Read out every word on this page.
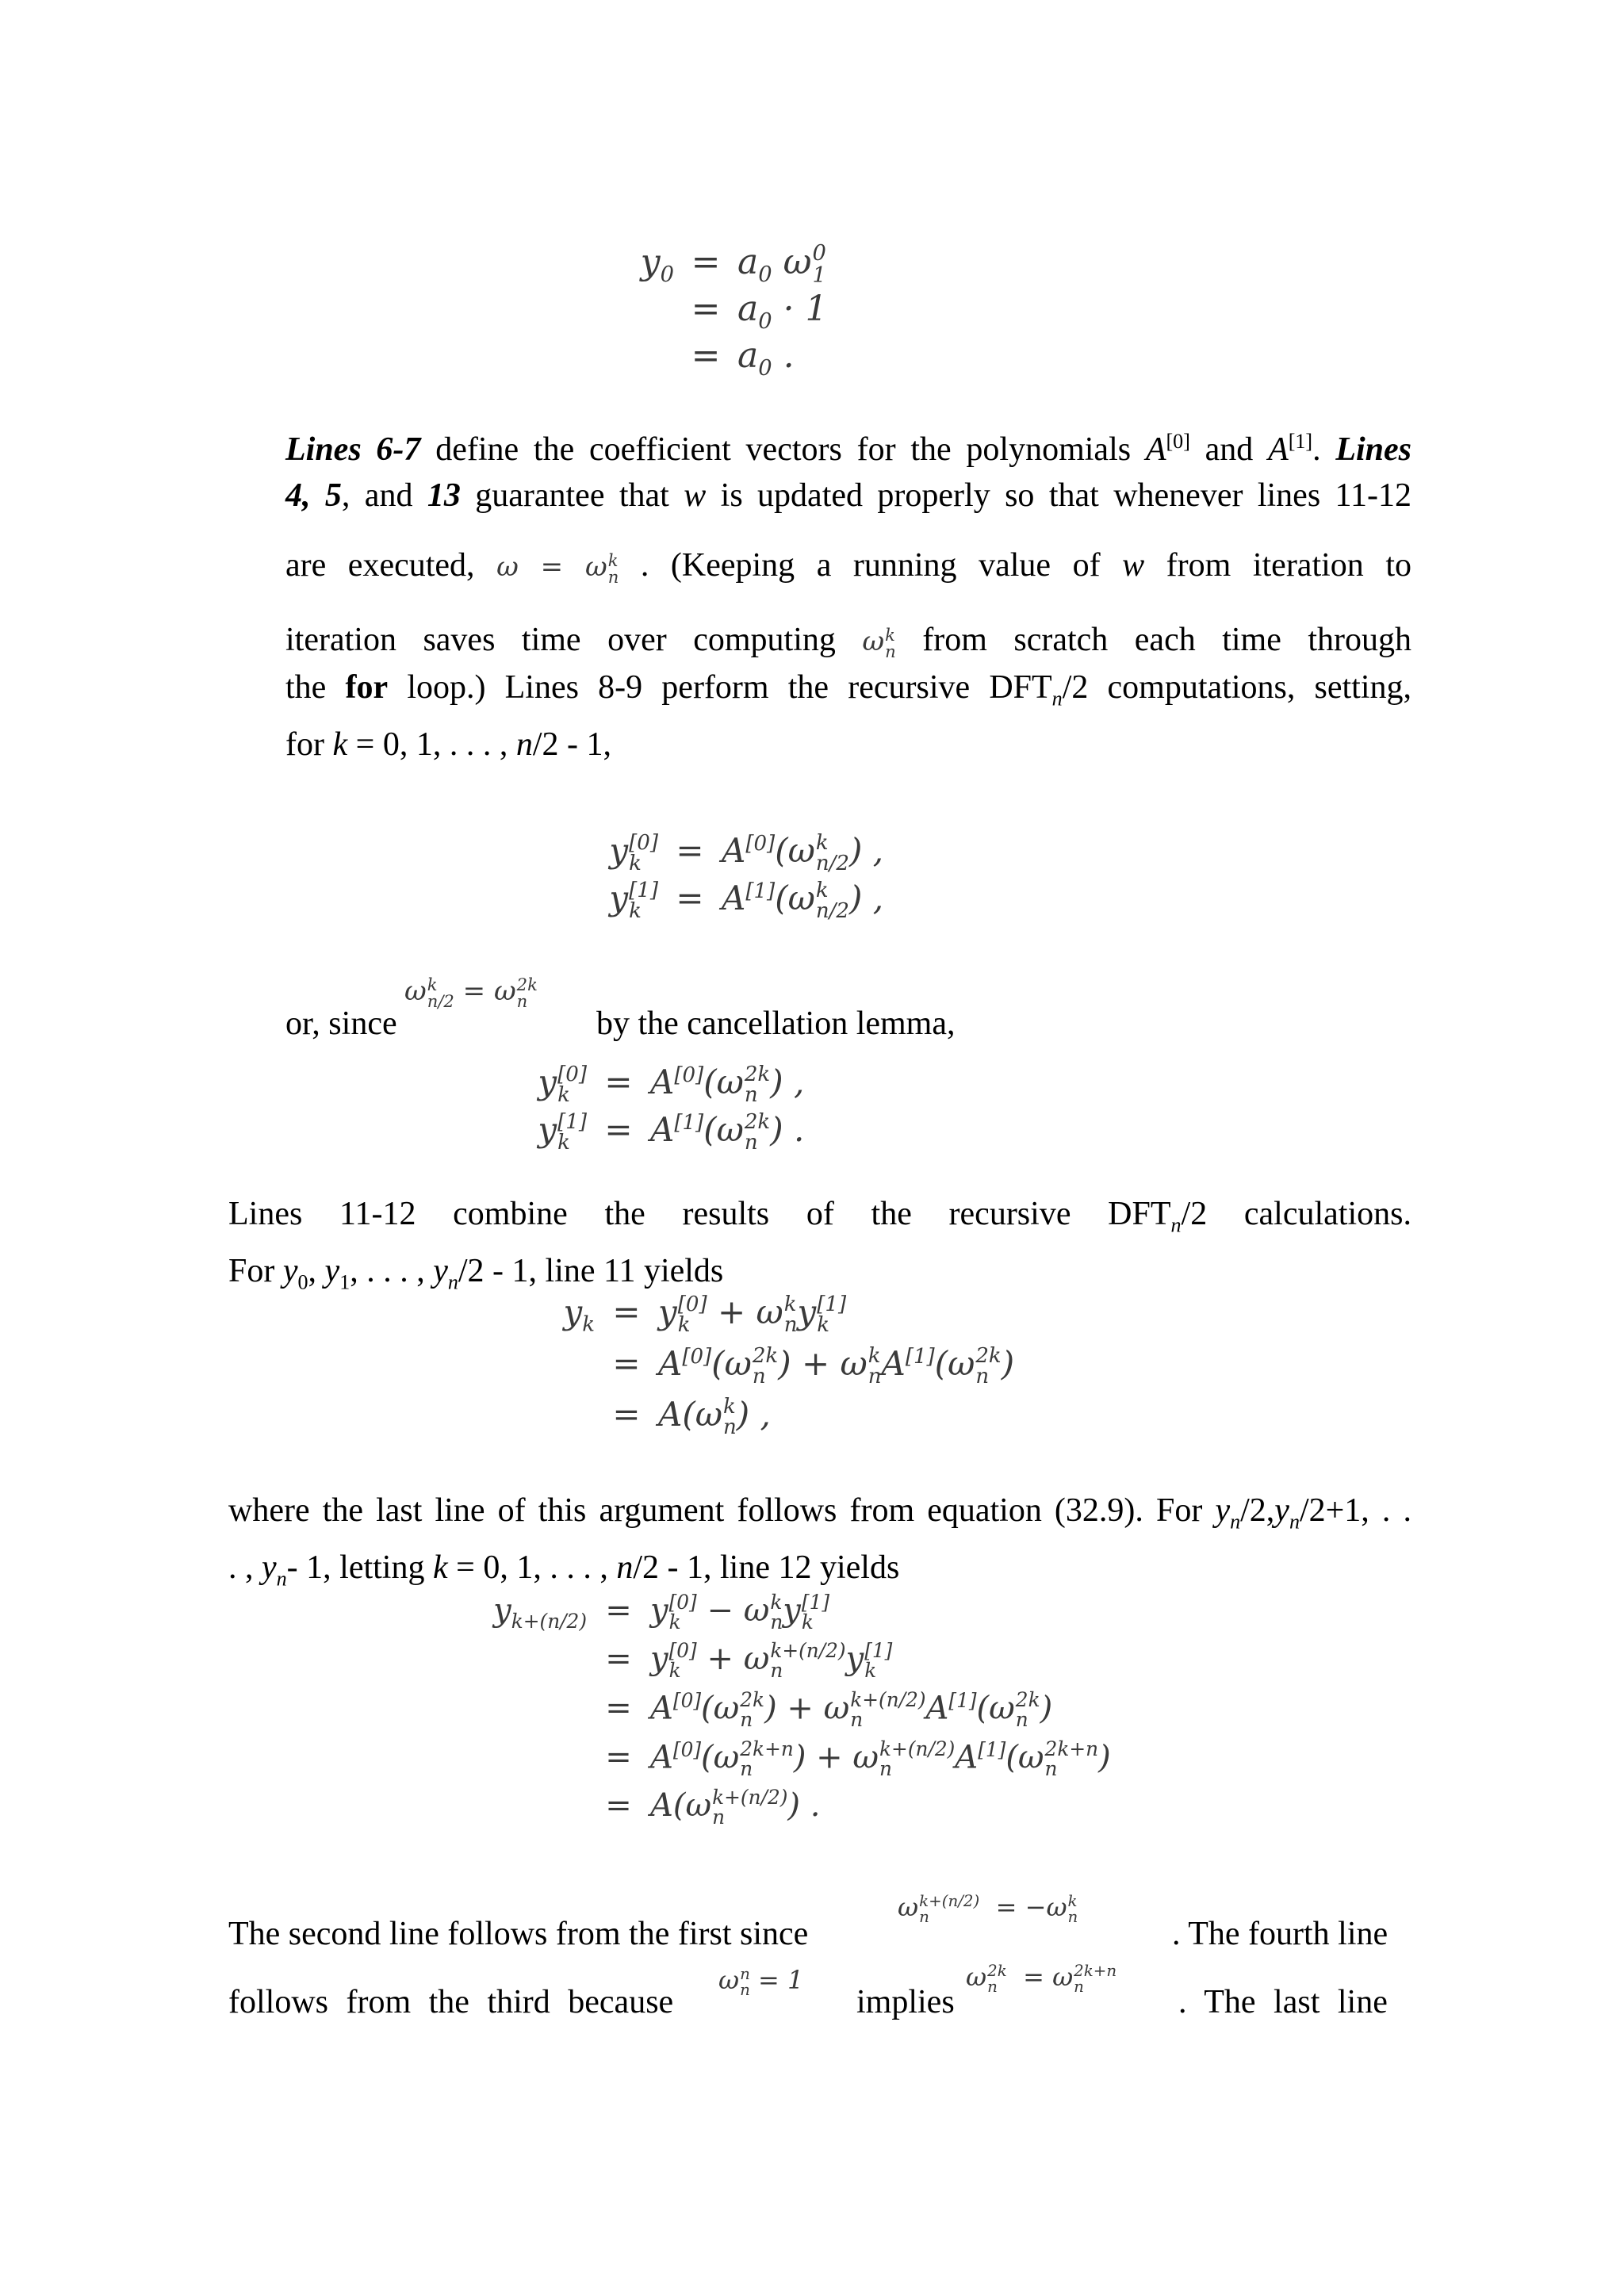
$y_0 = a_0$ ω 0
1
= $a_0 \cdot 1$
= $a_0$ .
Lines 6-7 define the coefficient vectors for the polynomials A[0] and A[1]. Lines
4, 5, and 13 guarantee that w is updated properly so that whenever lines 11-12
are executed, ω = ω k
n . (Keeping a running value of w from iteration to
iteration saves time over computing ω k
n from scratch each time through
the for loop.) Lines 8-9 perform the recursive $DFT_n/2$ computations, setting,
for k = 0, 1, . . . , n/2 - 1,
y [0]
k	= A[0](ω k
n/2 ) ,
y [1]
k	= A[1](ω k
n/2 ) ,
or, since
ω k
n/2 = ω 2k
n
by the cancellation lemma,
y [0]
k	= A[0](ω 2k
n ) ,
y [1]
k	= A[1](ω 2k
n ) .
Lines 11-12 combine the results of the recursive $DFT_n/2$ calculations.
For $y_0$, $y_1$, . . . , $y_n/2 - 1$, line 11 yields
$y_k = y$ [0]
k + ω k
n y [1]
k
= A[0](ω 2k
n ) + ω k
n A[1](ω 2k
n )
= A(ω k
n ) ,
where the last line of this argument follows from equation (32.9). For $y_n/2,y_n/2+1$, . .
. , $y_n-$ 1, letting k = 0, 1, . . . , n/2 - 1, line 12 yields
$y_{k+(n/2)} = y$ [0]
k − ω k
n y [1]
k
= y [0]
k + ω k+(n/2)
n	y [1]
k
= A[0](ω 2k
n ) + ω k+(n/2)
n	A[1](ω 2k
n )
= A[0](ω 2k+n
n	) + ω k+(n/2)
n	A[1](ω 2k+n
n	)
= A(ω k+(n/2)
n	) .
The second line follows from the first since
ω k+(n/2)
n	= −ω k
n	. The fourth line
follows from the third because
ω n
n = 1
implies
ω 2k
n = ω 2k+n
n	. The last line
